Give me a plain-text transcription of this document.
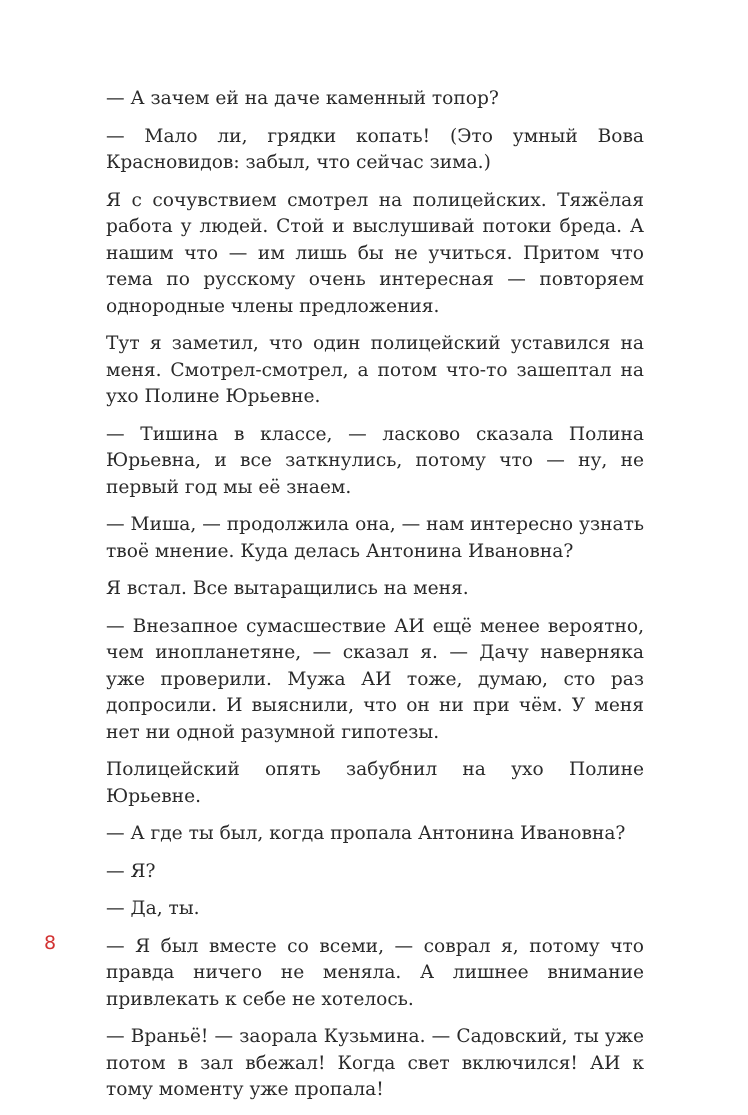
— А зачем ей на даче каменный топор?

— Мало ли, грядки копать! (Это умный Вова Красновидов: забыл, что сейчас зима.)

Я с сочувствием смотрел на полицейских. Тяжёлая работа у людей. Стой и выслушивай потоки бреда. А нашим что — им лишь бы не учиться. Притом что тема по русскому очень интересная — повторяем однородные члены предложения.

Тут я заметил, что один полицейский уставился на меня. Смотрел-смотрел, а потом что-то зашептал на ухо Полине Юрьевне.

— Тишина в классе, — ласково сказала Полина Юрьевна, и все заткнулись, потому что — ну, не первый год мы её знаем.

— Миша, — продолжила она, — нам интересно узнать твоё мнение. Куда делась Антонина Ивановна?

Я встал. Все вытаращились на меня.

— Внезапное сумасшествие АИ ещё менее вероятно, чем инопланетяне, — сказал я. — Дачу наверняка уже проверили. Мужа АИ тоже, думаю, сто раз допросили. И выяснили, что он ни при чём. У меня нет ни одной разумной гипотезы.

Полицейский опять забубнил на ухо Полине Юрьевне.

— А где ты был, когда пропала Антонина Ивановна?

— Я?

— Да, ты.

— Я был вместе со всеми, — соврал я, потому что правда ничего не меняла. А лишнее внимание привлекать к себе не хотелось.

— Враньё! — заорала Кузьмина. — Садовский, ты уже потом в зал вбежал! Когда свет включился! АИ к тому моменту уже пропала!

8
